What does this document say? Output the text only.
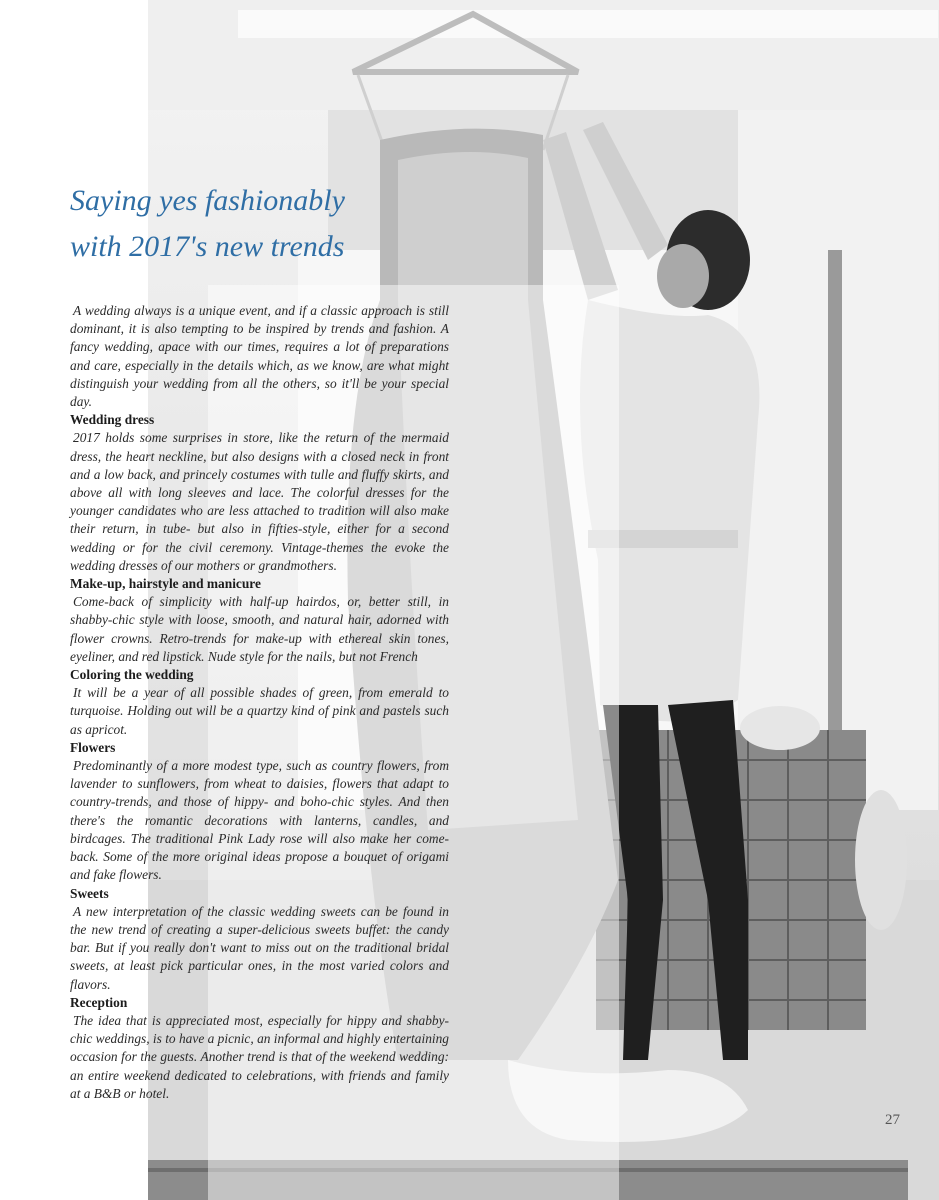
Saying yes fashionably
with 2017's new trends

A wedding always is a unique event, and if a classic approach is still dominant, it is also tempting to be inspired by trends and fashion. A fancy wedding, apace with our times, requires a lot of preparations and care, especially in the details which, as we know, are what might distinguish your wedding from all the others, so it'll be your special day.

Wedding dress

2017 holds some surprises in store, like the return of the mermaid dress, the heart neckline, but also designs with a closed neck in front and a low back, and princely costumes with tulle and fluffy skirts, and above all with long sleeves and lace. The colorful dresses for the younger candidates who are less attached to tradition will also make their return, in tube- but also in fifties-style, either for a second wedding or for the civil ceremony. Vintage-themes the evoke the wedding dresses of our mothers or grandmothers.

Make-up, hairstyle and manicure

Come-back of simplicity with half-up hairdos, or, better still, in shabby-chic style with loose, smooth, and natural hair, adorned with flower crowns. Retro-trends for make-up with ethereal skin tones, eyeliner, and red lipstick. Nude style for the nails, but not French

Coloring the wedding

It will be a year of all possible shades of green, from emerald to turquoise. Holding out will be a quartzy kind of pink and pastels such as apricot.

Flowers

Predominantly of a more modest type, such as country flowers, from lavender to sunflowers, from wheat to daisies, flowers that adapt to country-trends, and those of hippy- and boho-chic styles. And then there's the romantic decorations with lanterns, candles, and birdcages. The traditional Pink Lady rose will also make her come-back. Some of the more original ideas propose a bouquet of origami and fake flowers.

Sweets

A new interpretation of the classic wedding sweets can be found in the new trend of creating a super-delicious sweets buffet: the candy bar. But if you really don't want to miss out on the traditional bridal sweets, at least pick particular ones, in the most varied colors and flavors.

Reception

The idea that is appreciated most, especially for hippy and shabby-chic weddings, is to have a picnic, an informal and highly entertaining occasion for the guests. Another trend is that of the weekend wedding: an entire weekend dedicated to celebrations, with friends and family at a B&B or hotel.

27
